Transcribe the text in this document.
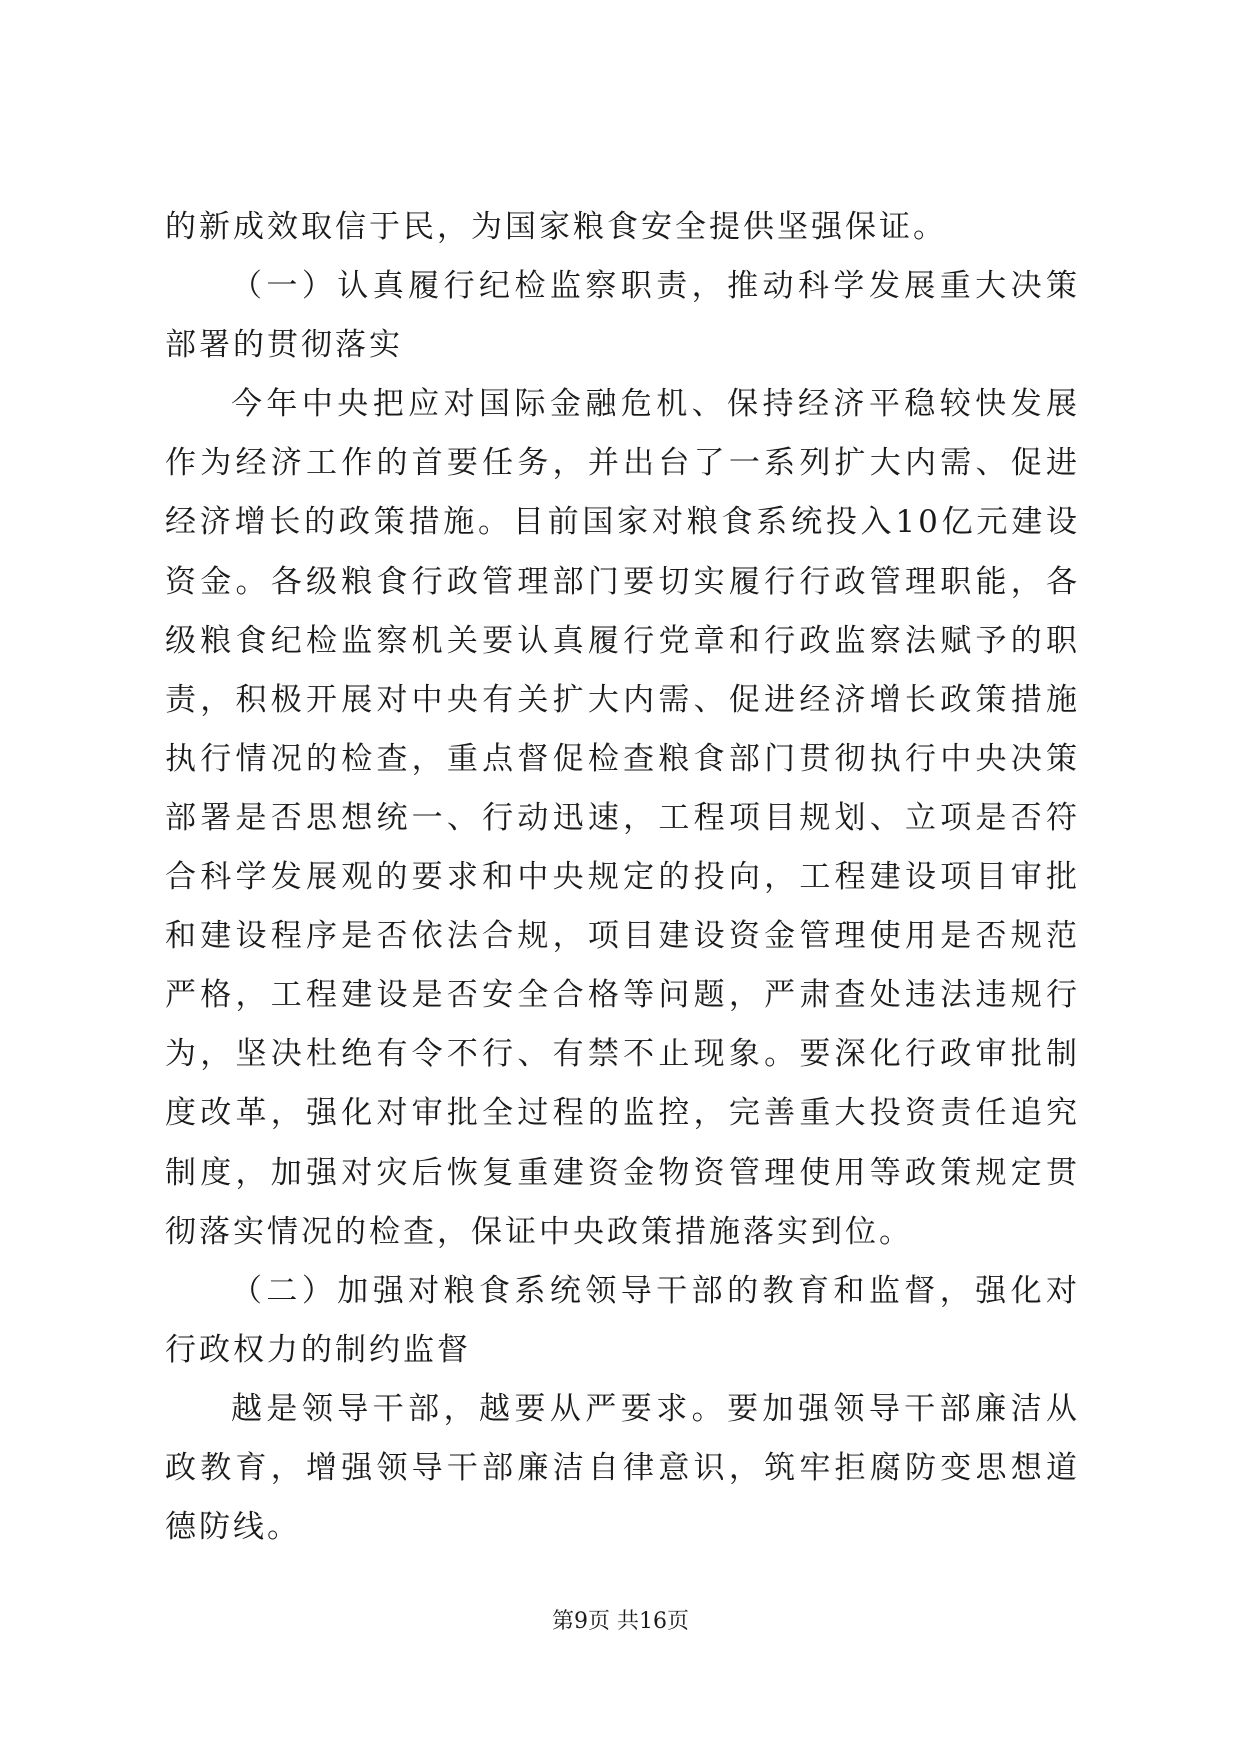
的新成效取信于民，为国家粮食安全提供坚强保证。

（一）认真履行纪检监察职责，推动科学发展重大决策部署的贯彻落实

今年中央把应对国际金融危机、保持经济平稳较快发展作为经济工作的首要任务，并出台了一系列扩大内需、促进经济增长的政策措施。目前国家对粮食系统投入10亿元建设资金。各级粮食行政管理部门要切实履行行政管理职能，各级粮食纪检监察机关要认真履行党章和行政监察法赋予的职责，积极开展对中央有关扩大内需、促进经济增长政策措施执行情况的检查，重点督促检查粮食部门贯彻执行中央决策部署是否思想统一、行动迅速，工程项目规划、立项是否符合科学发展观的要求和中央规定的投向，工程建设项目审批和建设程序是否依法合规，项目建设资金管理使用是否规范严格，工程建设是否安全合格等问题，严肃查处违法违规行为，坚决杜绝有令不行、有禁不止现象。要深化行政审批制度改革，强化对审批全过程的监控，完善重大投资责任追究制度，加强对灾后恢复重建资金物资管理使用等政策规定贯彻落实情况的检查，保证中央政策措施落实到位。

（二）加强对粮食系统领导干部的教育和监督，强化对行政权力的制约监督

越是领导干部，越要从严要求。要加强领导干部廉洁从政教育，增强领导干部廉洁自律意识，筑牢拒腐防变思想道德防线。

第9页 共16页
